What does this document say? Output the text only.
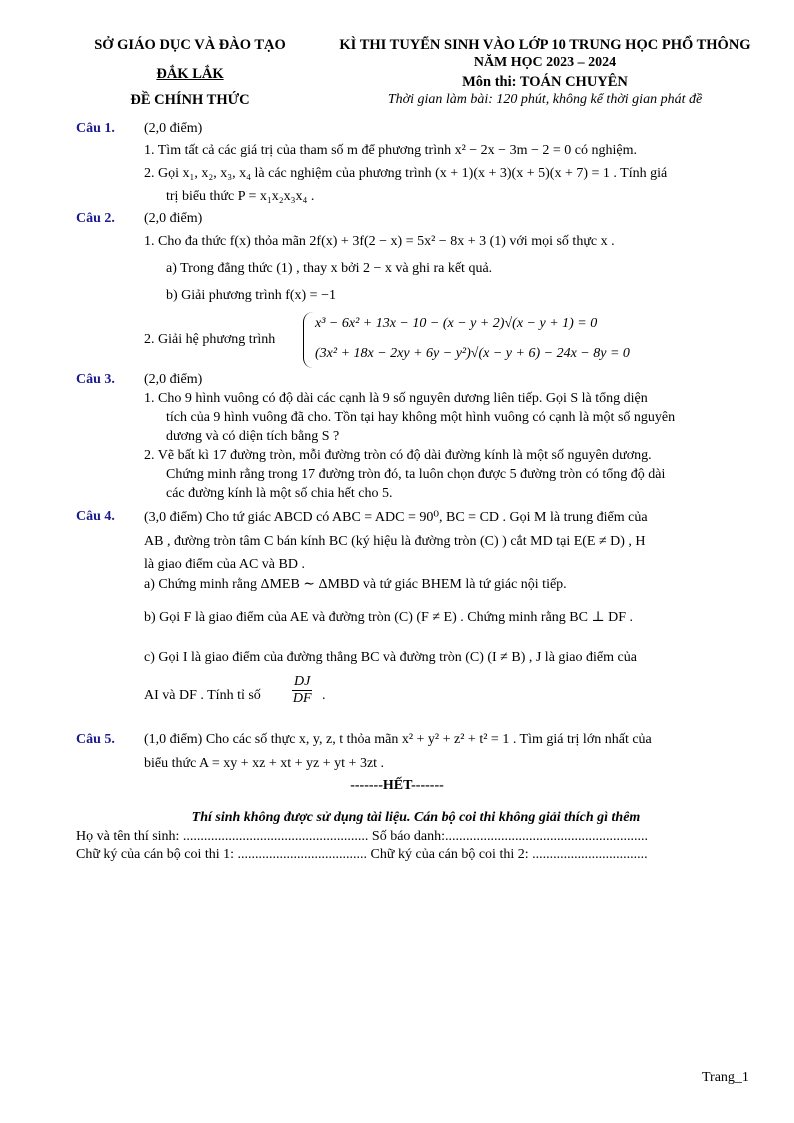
SỞ GIÁO DỤC VÀ ĐÀO TẠO
ĐẮK LẮK
ĐỀ CHÍNH THỨC
KÌ THI TUYỂN SINH VÀO LỚP 10 TRUNG HỌC PHỔ THÔNG
NĂM HỌC 2023 – 2024
Môn thi: TOÁN CHUYÊN
Thời gian làm bài: 120 phút, không kể thời gian phát đề
Câu 1. (2,0 điểm)
1. Tìm tất cả các giá trị của tham số m để phương trình x² − 2x − 3m − 2 = 0 có nghiệm.
2. Gọi x₁, x₂, x₃, x₄ là các nghiệm của phương trình (x + 1)(x + 3)(x + 5)(x + 7) = 1 . Tính giá
trị biểu thức P = x₁x₂x₃x₄ .
Câu 2. (2,0 điểm)
1. Cho đa thức f(x) thỏa mãn 2f(x) + 3f(2 − x) = 5x² − 8x + 3 (1) với mọi số thực x .
a) Trong đẳng thức (1) , thay x bởi 2 − x và ghi ra kết quả.
b) Giải phương trình f(x) = −1
2. Giải hệ phương trình
x³ − 6x² + 13x − 10 − (x − y + 2)√(x − y + 1) = 0
(3x² + 18x − 2xy + 6y − y²)√(x − y + 6) − 24x − 8y = 0
Câu 3. (2,0 điểm)
1. Cho 9 hình vuông có độ dài các cạnh là 9 số nguyên dương liên tiếp. Gọi S là tổng diện
tích của 9 hình vuông đã cho. Tồn tại hay không một hình vuông có cạnh là một số nguyên
dương và có diện tích bằng S ?
2. Vẽ bất kì 17 đường tròn, mỗi đường tròn có độ dài đường kính là một số nguyên dương.
Chứng minh rằng trong 17 đường tròn đó, ta luôn chọn được 5 đường tròn có tổng độ dài
các đường kính là một số chia hết cho 5.
Câu 4. (3,0 điểm) Cho tứ giác ABCD có ABC = ADC = 90⁰, BC = CD . Gọi M là trung điểm của
AB , đường tròn tâm C bán kính BC (ký hiệu là đường tròn (C) ) cắt MD tại E(E ≠ D) , H
là giao điểm của AC và BD .
a) Chứng minh rằng ΔMEB ∼ ΔMBD và tứ giác BHEM là tứ giác nội tiếp.
b) Gọi F là giao điểm của AE và đường tròn (C) (F ≠ E) . Chứng minh rằng BC ⊥ DF .
c) Gọi I là giao điểm của đường thẳng BC và đường tròn (C) (I ≠ B) , J là giao điểm của
AI và DF . Tính tỉ số $\frac{DJ}{DF}$ .
Câu 5. (1,0 điểm) Cho các số thực x, y, z, t thỏa mãn x² + y² + z² + t² = 1 . Tìm giá trị lớn nhất của
biểu thức A = xy + xz + xt + yz + yt + 3zt .
-------HẾT-------
Thí sinh không được sử dụng tài liệu. Cán bộ coi thi không giải thích gì thêm
Họ và tên thí sinh: ..................................................... Số báo danh:..........................................................
Chữ ký của cán bộ coi thi 1: ..................................... Chữ ký của cán bộ coi thi 2: .................................
Trang_1
